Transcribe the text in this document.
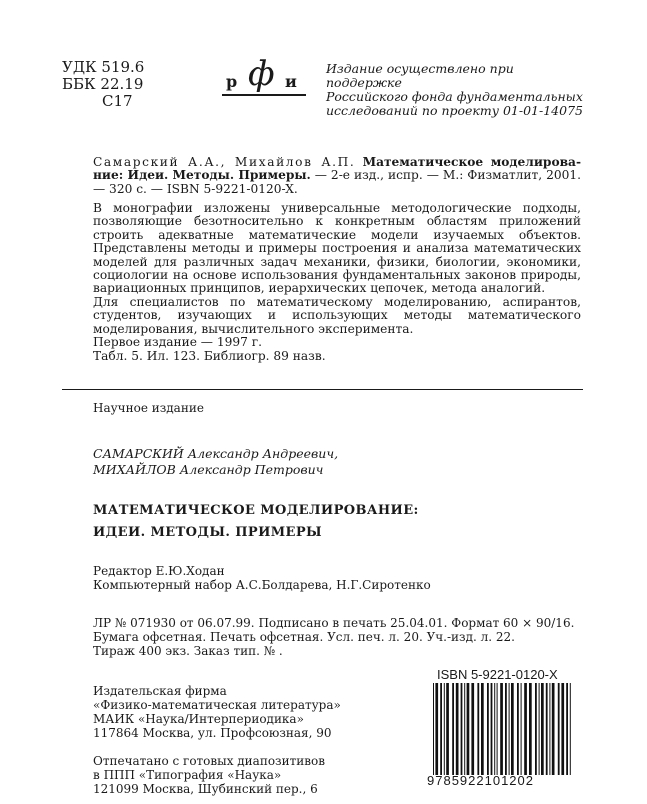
УДК 519.6
ББК 22.19
С17
р ф и
Издание осуществлено при поддержке
Российского фонда фундаментальных
исследований по проекту 01-01-14075
Самарский А.А., Михайлов А.П. Математическое моделирова-ние: Идеи. Методы. Примеры. — 2-е изд., испр. — М.: Физматлит, 2001. — 320 с. — ISBN 5-9221-0120-X.
В монографии изложены универсальные методологические подходы, позволяющие безотносительно к конкретным областям приложений строить адекватные математические модели изучаемых объектов. Представлены методы и примеры построения и анализа математических моделей для различных задач механики, физики, биологии, экономики, социологии на основе использования фундаментальных законов природы, вариационных принципов, иерархических цепочек, метода аналогий.
Для специалистов по математическому моделированию, аспирантов, студентов, изучающих и использующих методы математического моделирования, вычислительного эксперимента.
Первое издание — 1997 г.
Табл. 5. Ил. 123. Библиогр. 89 назв.
Научное издание
САМАРСКИЙ Александр Андреевич,
МИХАЙЛОВ Александр Петрович
МАТЕМАТИЧЕСКОЕ МОДЕЛИРОВАНИЕ:
ИДЕИ. МЕТОДЫ. ПРИМЕРЫ
Редактор Е.Ю.Ходан
Компьютерный набор А.С.Болдарева, Н.Г.Сиротенко
ЛР № 071930 от 06.07.99. Подписано в печать 25.04.01. Формат 60 × 90/16.
Бумага офсетная. Печать офсетная. Усл. печ. л. 20. Уч.-изд. л. 22.
Тираж 400 экз. Заказ тип. № .
Издательская фирма
«Физико-математическая литература»
МАИК «Наука/Интерпериодика»
117864 Москва, ул. Профсоюзная, 90
Отпечатано с готовых диапозитивов
в ППП «Типография «Наука»
121099 Москва, Шубинский пер., 6
ISBN 5-9221-0120-X
9785922101202
